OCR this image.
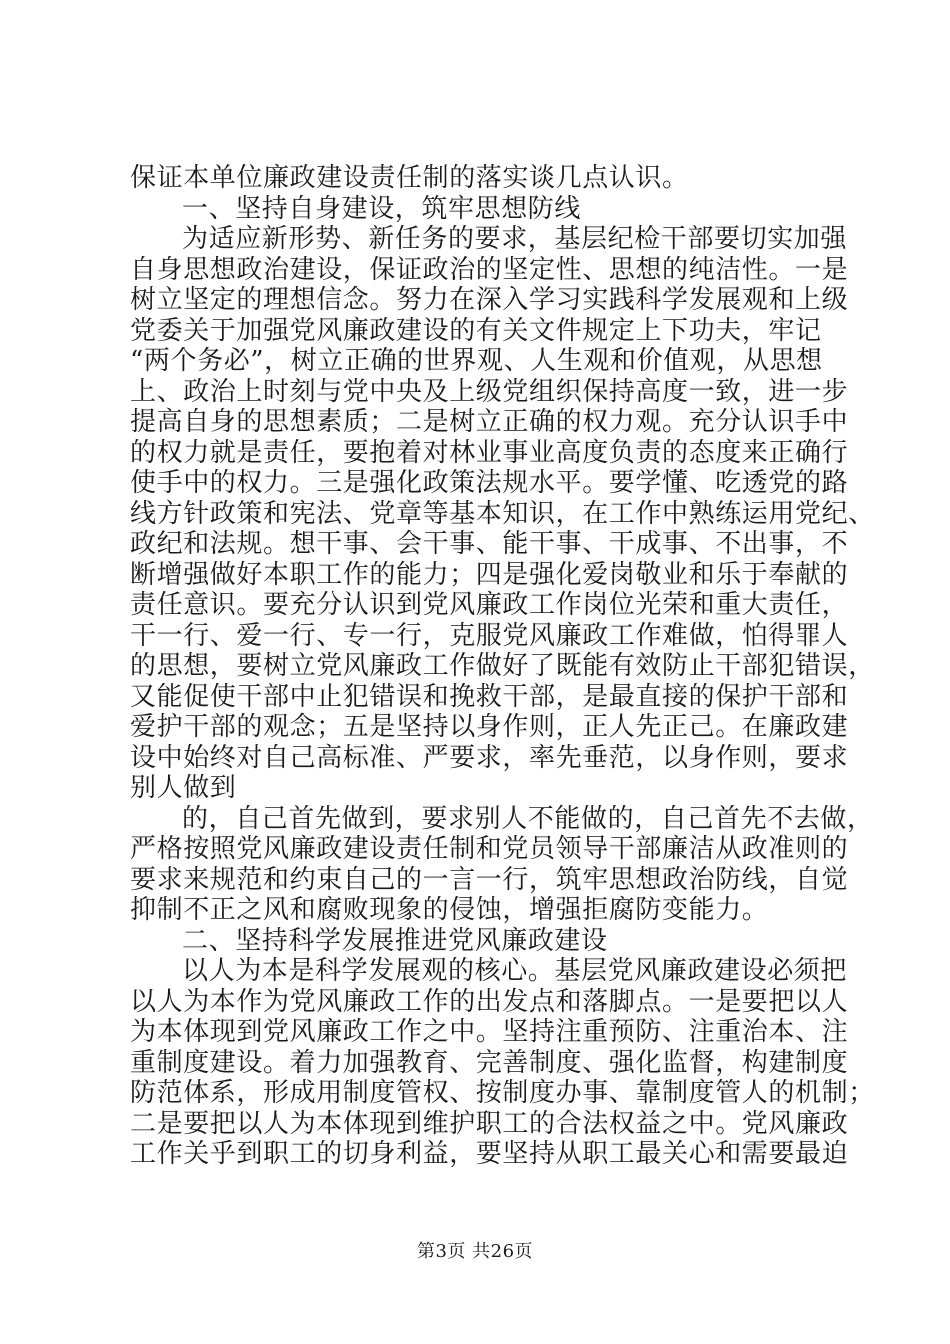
保证本单位廉政建设责任制的落实谈几点认识。
一、坚持自身建设，筑牢思想防线
为适应新形势、新任务的要求，基层纪检干部要切实加强
自身思想政治建设，保证政治的坚定性、思想的纯洁性。一是
树立坚定的理想信念。努力在深入学习实践科学发展观和上级
党委关于加强党风廉政建设的有关文件规定上下功夫，牢记
“两个务必”，树立正确的世界观、人生观和价值观，从思想
上、政治上时刻与党中央及上级党组织保持高度一致，进一步
提高自身的思想素质；二是树立正确的权力观。充分认识手中
的权力就是责任，要抱着对林业事业高度负责的态度来正确行
使手中的权力。三是强化政策法规水平。要学懂、吃透党的路
线方针政策和宪法、党章等基本知识，在工作中熟练运用党纪、
政纪和法规。想干事、会干事、能干事、干成事、不出事，不
断增强做好本职工作的能力；四是强化爱岗敬业和乐于奉献的
责任意识。要充分认识到党风廉政工作岗位光荣和重大责任，
干一行、爱一行、专一行，克服党风廉政工作难做，怕得罪人
的思想，要树立党风廉政工作做好了既能有效防止干部犯错误，
又能促使干部中止犯错误和挽救干部，是最直接的保护干部和
爱护干部的观念；五是坚持以身作则，正人先正己。在廉政建
设中始终对自己高标准、严要求，率先垂范，以身作则，要求
别人做到
的，自己首先做到，要求别人不能做的，自己首先不去做，
严格按照党风廉政建设责任制和党员领导干部廉洁从政准则的
要求来规范和约束自己的一言一行，筑牢思想政治防线，自觉
抑制不正之风和腐败现象的侵蚀，增强拒腐防变能力。
二、坚持科学发展推进党风廉政建设
以人为本是科学发展观的核心。基层党风廉政建设必须把
以人为本作为党风廉政工作的出发点和落脚点。一是要把以人
为本体现到党风廉政工作之中。坚持注重预防、注重治本、注
重制度建设。着力加强教育、完善制度、强化监督，构建制度
防范体系，形成用制度管权、按制度办事、靠制度管人的机制；
二是要把以人为本体现到维护职工的合法权益之中。党风廉政
工作关乎到职工的切身利益，要坚持从职工最关心和需要最迫
第3页 共26页
